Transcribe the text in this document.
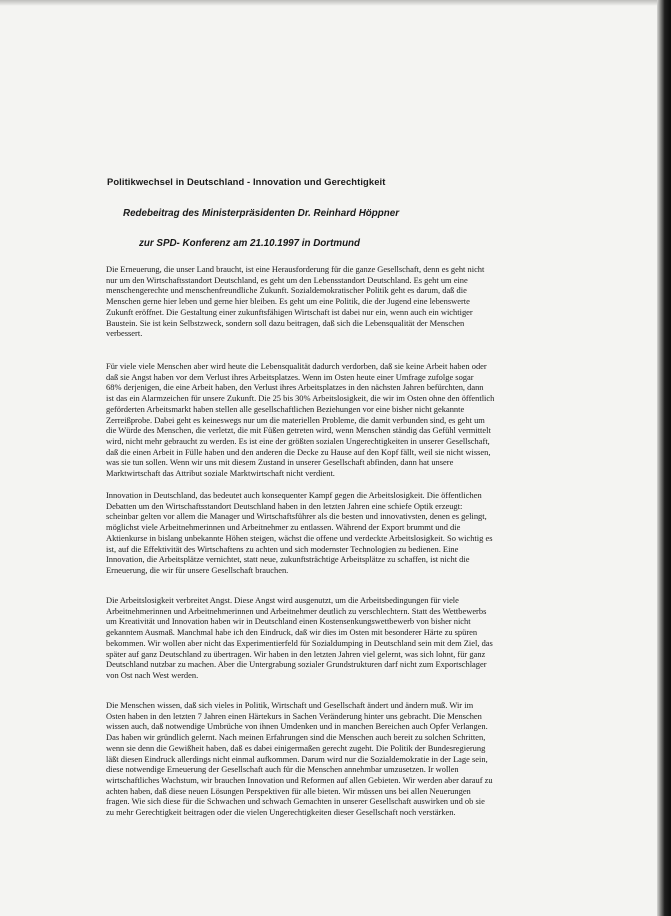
Politikwechsel in Deutschland - Innovation und Gerechtigkeit
Redebeitrag des Ministerpräsidenten Dr. Reinhard Höppner
zur SPD- Konferenz am 21.10.1997 in Dortmund
Die Erneuerung, die unser Land braucht, ist eine Herausforderung für die ganze Gesellschaft, denn es geht nicht
nur um den Wirtschaftsstandort Deutschland, es geht um den Lebensstandort Deutschland. Es geht um eine
menschengerechte und menschenfreundliche Zukunft. Sozialdemokratischer Politik geht es darum, daß die
Menschen gerne hier leben und gerne hier bleiben. Es geht um eine Politik, die der Jugend eine lebenswerte
Zukunft eröffnet. Die Gestaltung einer zukunftsfähigen Wirtschaft ist dabei nur ein, wenn auch ein wichtiger
Baustein. Sie ist kein Selbstzweck, sondern soll dazu beitragen, daß sich die Lebensqualität der Menschen
verbessert.
Für viele viele Menschen aber wird heute die Lebensqualität dadurch verdorben, daß sie keine Arbeit haben oder
daß sie Angst haben vor dem Verlust ihres Arbeitsplatzes. Wenn im Osten heute einer Umfrage zufolge sogar
68% derjenigen, die eine Arbeit haben, den Verlust ihres Arbeitsplatzes in den nächsten Jahren befürchten, dann
ist das ein Alarmzeichen für unsere Zukunft. Die 25 bis 30% Arbeitslosigkeit, die wir im Osten ohne den öffentlich
geförderten Arbeitsmarkt haben stellen alle gesellschaftlichen Beziehungen vor eine bisher nicht gekannte
Zerreißprobe. Dabei geht es keineswegs nur um die materiellen Probleme, die damit verbunden sind, es geht um
die Würde des Menschen, die verletzt, die mit Füßen getreten wird, wenn Menschen ständig das Gefühl vermittelt
wird, nicht mehr gebraucht zu werden. Es ist eine der größten sozialen Ungerechtigkeiten in unserer Gesellschaft,
daß die einen Arbeit in Fülle haben und den anderen die Decke zu Hause auf den Kopf fällt, weil sie nicht wissen,
was sie tun sollen. Wenn wir uns mit diesem Zustand in unserer Gesellschaft abfinden, dann hat unsere
Marktwirtschaft das Attribut soziale Marktwirtschaft nicht verdient.
Innovation in Deutschland, das bedeutet auch konsequenter Kampf gegen die Arbeitslosigkeit. Die öffentlichen
Debatten um den Wirtschaftsstandort Deutschland haben in den letzten Jahren eine schiefe Optik erzeugt:
scheinbar gelten vor allem die Manager und Wirtschaftsführer als die besten und innovativsten, denen es gelingt,
möglichst viele Arbeitnehmerinnen und Arbeitnehmer zu entlassen. Während der Export brummt und die
Aktienkurse in bislang unbekannte Höhen steigen, wächst die offene und verdeckte Arbeitslosigkeit. So wichtig es
ist, auf die Effektivität des Wirtschaftens zu achten und sich modernster Technologien zu bedienen. Eine
Innovation, die Arbeitsplätze vernichtet, statt neue, zukunftsträchtige Arbeitsplätze zu schaffen, ist nicht die
Erneuerung, die wir für unsere Gesellschaft brauchen.
Die Arbeitslosigkeit verbreitet Angst. Diese Angst wird ausgenutzt, um die Arbeitsbedingungen für viele
Arbeitnehmerinnen und Arbeitnehmerinnen und Arbeitnehmer deutlich zu verschlechtern. Statt des Wettbewerbs
um Kreativität und Innovation haben wir in Deutschland einen Kostensenkungswettbewerb von bisher nicht
gekanntem Ausmaß. Manchmal habe ich den Eindruck, daß wir dies im Osten mit besonderer Härte zu spüren
bekommen. Wir wollen aber nicht das Experimentierfeld für Sozialdumping in Deutschland sein mit dem Ziel, das
später auf ganz Deutschland zu übertragen. Wir haben in den letzten Jahren viel gelernt, was sich lohnt, für ganz
Deutschland nutzbar zu machen. Aber die Untergrabung sozialer Grundstrukturen darf nicht zum Exportschlager
von Ost nach West werden.
Die Menschen wissen, daß sich vieles in Politik, Wirtschaft und Gesellschaft ändert und ändern muß. Wir im
Osten haben in den letzten 7 Jahren einen Härtekurs in Sachen Veränderung hinter uns gebracht. Die Menschen
wissen auch, daß notwendige Umbrüche von ihnen Umdenken und in manchen Bereichen auch Opfer Verlangen.
Das haben wir gründlich gelernt. Nach meinen Erfahrungen sind die Menschen auch bereit zu solchen Schritten,
wenn sie denn die Gewißheit haben, daß es dabei einigermaßen gerecht zugeht. Die Politik der Bundesregierung
läßt diesen Eindruck allerdings nicht einmal aufkommen. Darum wird nur die Sozialdemokratie in der Lage sein,
diese notwendige Erneuerung der Gesellschaft auch für die Menschen annehmbar umzusetzen. Ir wollen
wirtschaftliches Wachstum, wir brauchen Innovation und Reformen auf allen Gebieten. Wir werden aber darauf zu
achten haben, daß diese neuen Lösungen Perspektiven für alle bieten. Wir müssen uns bei allen Neuerungen
fragen. Wie sich diese für die Schwachen und schwach Gemachten in unserer Gesellschaft auswirken und ob sie
zu mehr Gerechtigkeit beitragen oder die vielen Ungerechtigkeiten dieser Gesellschaft noch verstärken.
